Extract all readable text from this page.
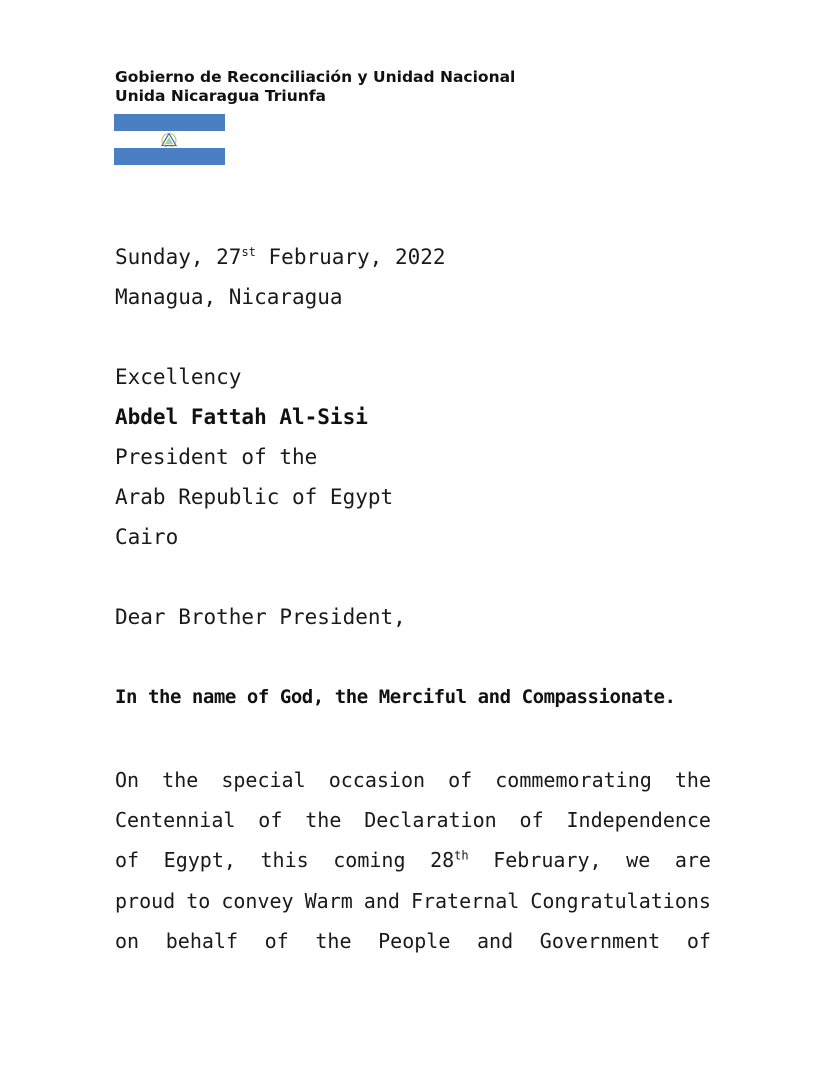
Gobierno de Reconciliación y Unidad Nacional
Unida Nicaragua Triunfa
Sunday, 27st February, 2022
Managua, Nicaragua
Excellency
Abdel Fattah Al-Sisi
President of the
Arab Republic of Egypt
Cairo
Dear Brother President,
In the name of God, the Merciful and Compassionate.
On the special occasion of commemorating the
Centennial of the Declaration of Independence
of Egypt, this coming 28th February, we are
proud to convey Warm and Fraternal Congratulations
on behalf of the People and Government of
